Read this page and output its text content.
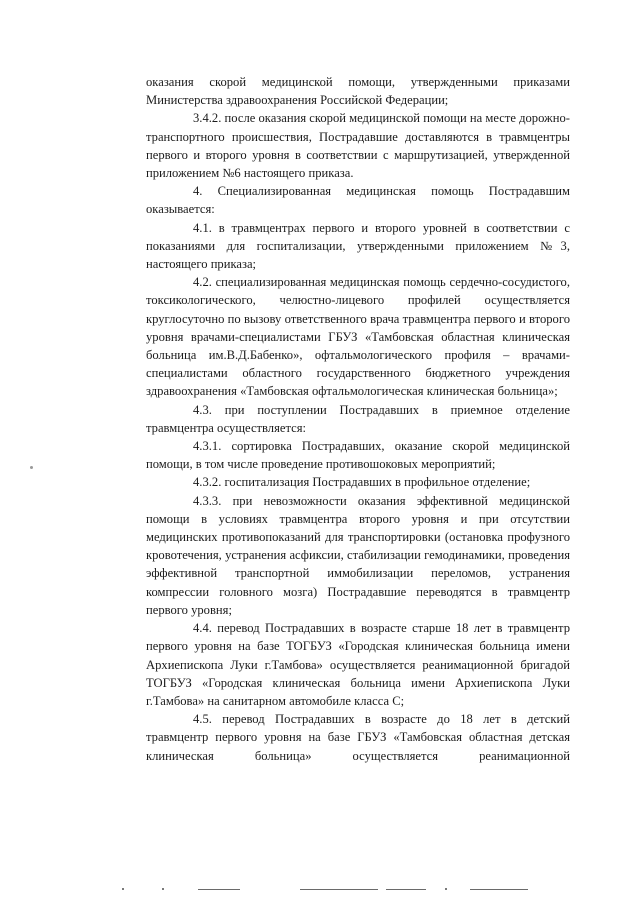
оказания скорой медицинской помощи, утвержденными приказами Министерства здравоохранения Российской Федерации;

3.4.2. после оказания скорой медицинской помощи на месте дорожно-транспортного происшествия, Пострадавшие доставляются в травмцентры первого и второго уровня в соответствии с маршрутизацией, утвержденной приложением №6 настоящего приказа.

4. Специализированная медицинская помощь Пострадавшим оказывается:

4.1. в травмцентрах первого и второго уровней в соответствии с показаниями для госпитализации, утвержденными приложением №3, настоящего приказа;

4.2. специализированная медицинская помощь сердечно-сосудистого, токсикологического, челюстно-лицевого профилей осуществляется круглосуточно по вызову ответственного врача травмцентра первого и второго уровня врачами-специалистами ГБУЗ «Тамбовская областная клиническая больница им.В.Д.Бабенко», офтальмологического профиля – врачами-специалистами областного государственного бюджетного учреждения здравоохранения «Тамбовская офтальмологическая клиническая больница»;

4.3. при поступлении Пострадавших в приемное отделение травмцентра осуществляется:

4.3.1. сортировка Пострадавших, оказание скорой медицинской помощи, в том числе проведение противошоковых мероприятий;

4.3.2. госпитализация Пострадавших в профильное отделение;

4.3.3. при невозможности оказания эффективной медицинской помощи в условиях травмцентра второго уровня и при отсутствии медицинских противопоказаний для транспортировки (остановка профузного кровотечения, устранения асфиксии, стабилизации гемодинамики, проведения эффективной транспортной иммобилизации переломов, устранения компрессии головного мозга) Пострадавшие переводятся в травмцентр первого уровня;

4.4. перевод Пострадавших в возрасте старше 18 лет в травмцентр первого уровня на базе ТОГБУЗ «Городская клиническая больница имени Архиепископа Луки г.Тамбова» осуществляется реанимационной бригадой ТОГБУЗ «Городская клиническая больница имени Архиепископа Луки г.Тамбова» на санитарном автомобиле класса С;

4.5. перевод Пострадавших в возрасте до 18 лет в детский травмцентр первого уровня на базе ГБУЗ «Тамбовская областная детская клиническая больница» осуществляется реанимационной
